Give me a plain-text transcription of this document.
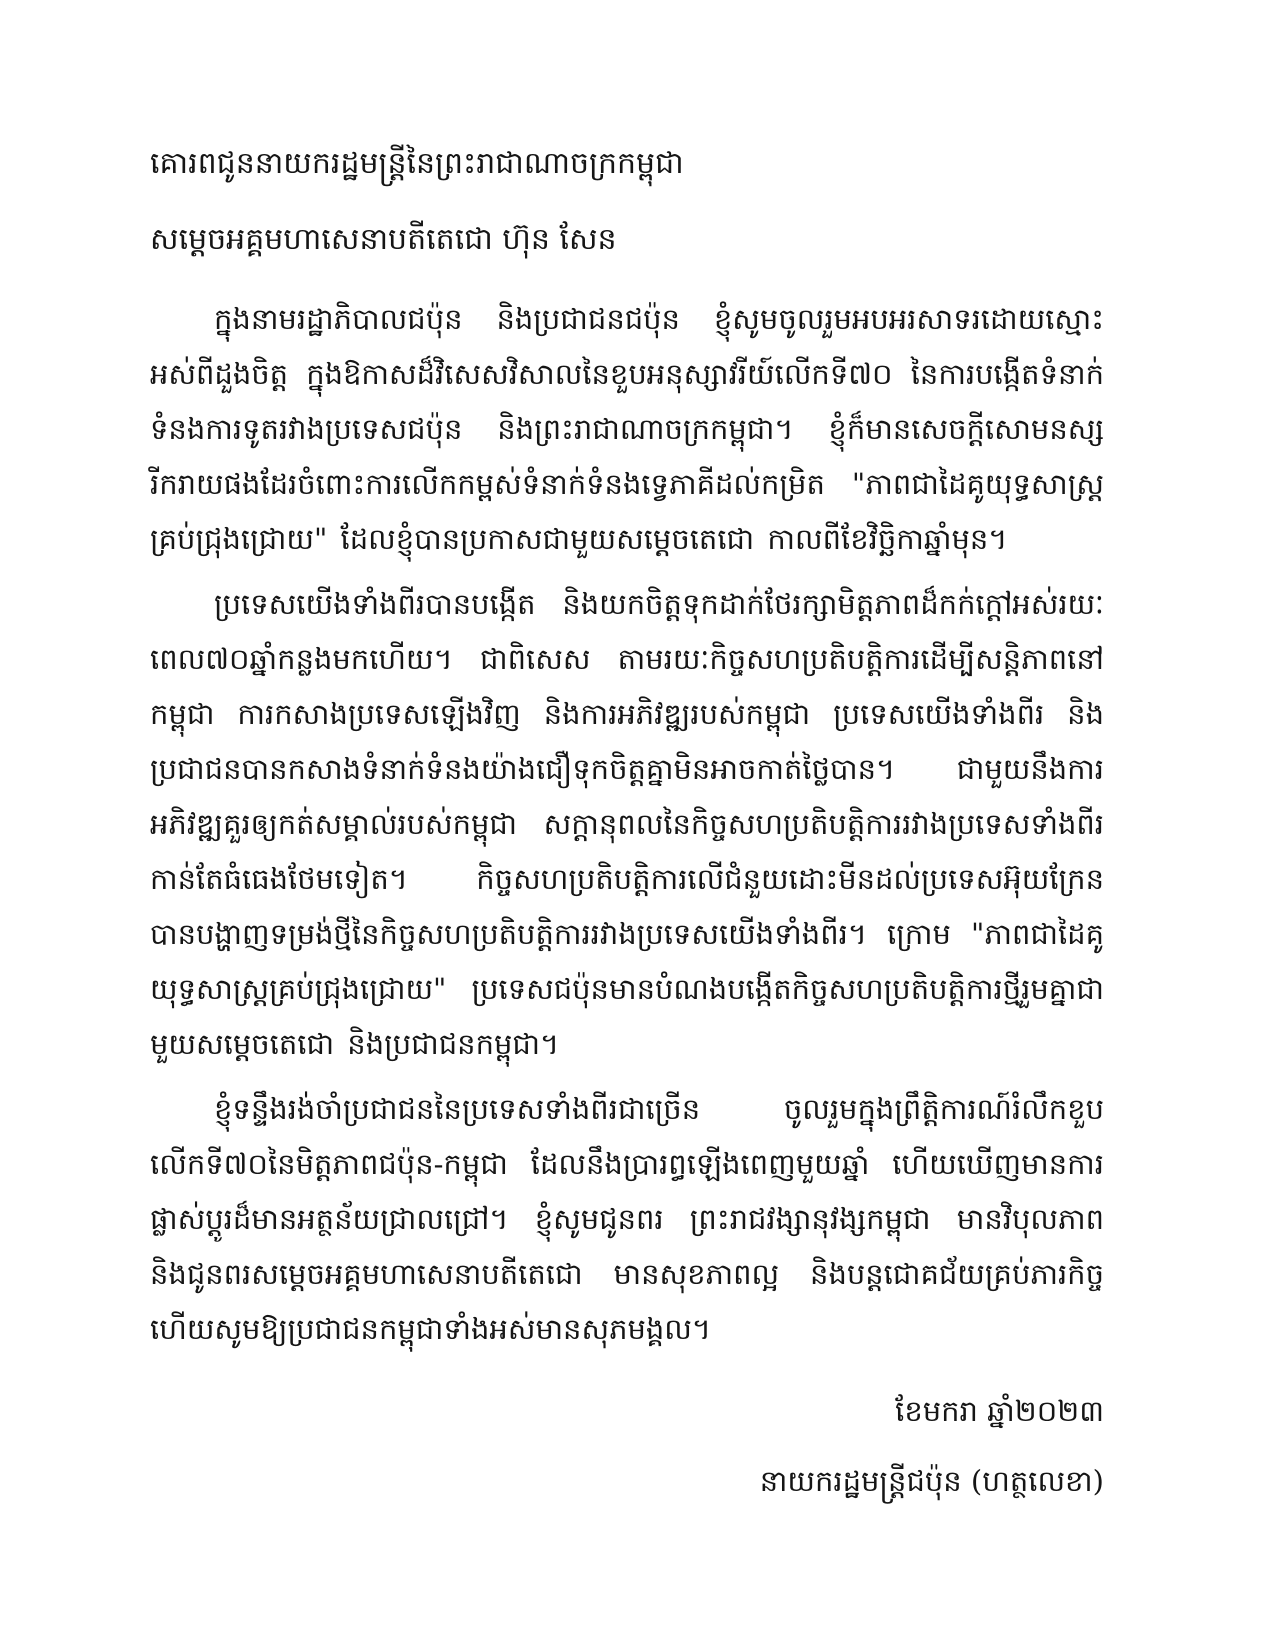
គោរពជូននាយករដ្ឋមន្រ្តីនៃព្រះរាជាណាចក្រកម្ពុជា
សម្តេចអគ្គមហាសេនាបតីតេជោ ហ៊ុន សែន

ក្នុងនាមរដ្ឋាភិបាលជប៉ុន និងប្រជាជនជប៉ុន ខ្ញុំសូមចូលរួមអបអរសាទរដោយស្មោះអស់ពីដួងចិត្ត ក្នុងឱកាសដ៏វិសេសវិសាលនៃខួបអនុស្សាវរីយ៍លើកទី៧០ នៃការបង្កើតទំនាក់ទំនងការទូតរវាងប្រទេសជប៉ុន និងព្រះរាជាណាចក្រកម្ពុជា។ ខ្ញុំក៏មានសេចក្តីសោមនស្សរីករាយផងដែរចំពោះការលើកកម្ពស់ទំនាក់ទំនងទ្វេភាគីដល់កម្រិត "ភាពជាដៃគូយុទ្ធសាស្ត្រគ្រប់ជ្រុងជ្រោយ" ដែលខ្ញុំបានប្រកាសជាមួយសម្តេចតេជោ កាលពីខែវិច្ឆិកាឆ្នាំមុន។

ប្រទេសយើងទាំងពីរបានបង្កើត និងយកចិត្តទុកដាក់ថែរក្សាមិត្តភាពដ៏កក់ក្តៅអស់រយៈពេល៧០ឆ្នាំកន្លងមកហើយ។ ជាពិសេស តាមរយៈកិច្ចសហប្រតិបត្តិការដើម្បីសន្តិភាពនៅកម្ពុជា ការកសាងប្រទេសឡើងវិញ និងការអភិវឌ្ឍរបស់កម្ពុជា ប្រទេសយើងទាំងពីរ និងប្រជាជនបានកសាងទំនាក់ទំនងយ៉ាងជឿទុកចិត្តគ្នាមិនអាចកាត់ថ្លៃបាន។ ជាមួយនឹងការអភិវឌ្ឍគួរឲ្យកត់សម្គាល់របស់កម្ពុជា សក្តានុពលនៃកិច្ចសហប្រតិបត្តិការរវាងប្រទេសទាំងពីរកាន់តែធំធេងថែមទៀត។ កិច្ចសហប្រតិបត្តិការលើជំនួយដោះមីនដល់ប្រទេសអ៊ុយក្រែន បានបង្ហាញទម្រង់ថ្មីនៃកិច្ចសហប្រតិបត្តិការរវាងប្រទេសយើងទាំងពីរ។ ក្រោម "ភាពជាដៃគូយុទ្ធសាស្ត្រគ្រប់ជ្រុងជ្រោយ" ប្រទេសជប៉ុនមានបំណងបង្កើតកិច្ចសហប្រតិបត្តិការថ្មីរួមគ្នាជាមួយសម្តេចតេជោ និងប្រជាជនកម្ពុជា។

ខ្ញុំទន្ទឹងរង់ចាំប្រជាជននៃប្រទេសទាំងពីរជាច្រើន ចូលរួមក្នុងព្រឹត្តិការណ៍រំលឹកខួបលើកទី៧០នៃមិត្តភាពជប៉ុន-កម្ពុជា ដែលនឹងប្រារព្ធឡើងពេញមួយឆ្នាំ ហើយឃើញមានការផ្លាស់ប្តូរដ៏មានអត្ថន័យជ្រាលជ្រៅ។ ខ្ញុំសូមជូនពរ ព្រះរាជវង្សានុវង្សកម្ពុជា មានវិបុលភាព និងជូនពរសម្តេចអគ្គមហាសេនាបតីតេជោ មានសុខភាពល្អ និងបន្តជោគជ័យគ្រប់ភារកិច្ច ហើយសូមឱ្យប្រជាជនកម្ពុជាទាំងអស់មានសុភមង្គល។

ខែមករា ឆ្នាំ២០២៣
នាយករដ្ឋមន្រ្តីជប៉ុន (ហត្ថលេខា)
